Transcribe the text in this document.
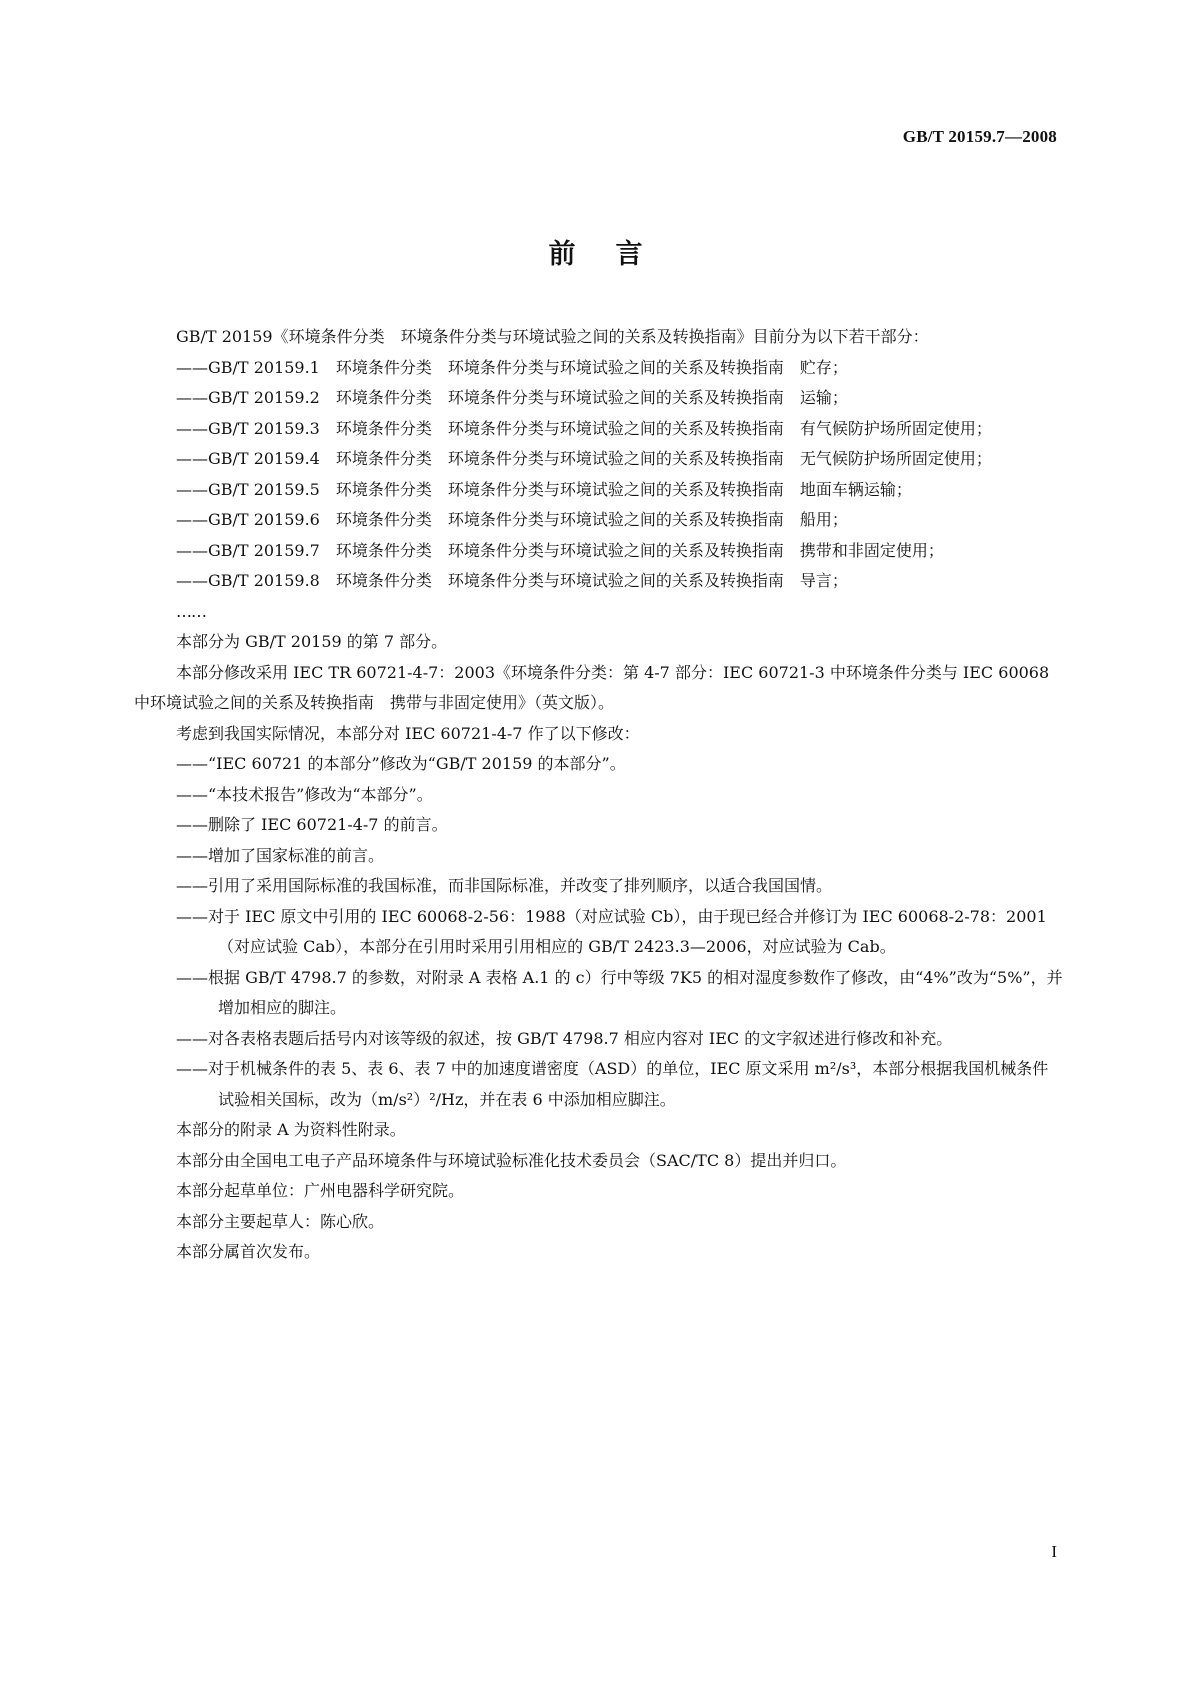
GB/T 20159.7—2008
前言

GB/T 20159《环境条件分类　环境条件分类与环境试验之间的关系及转换指南》目前分为以下若干部分：

——GB/T 20159.1　环境条件分类　环境条件分类与环境试验之间的关系及转换指南　贮存；

——GB/T 20159.2　环境条件分类　环境条件分类与环境试验之间的关系及转换指南　运输；

——GB/T 20159.3　环境条件分类　环境条件分类与环境试验之间的关系及转换指南　有气候防护场所固定使用；

——GB/T 20159.4　环境条件分类　环境条件分类与环境试验之间的关系及转换指南　无气候防护场所固定使用；

——GB/T 20159.5　环境条件分类　环境条件分类与环境试验之间的关系及转换指南　地面车辆运输；

——GB/T 20159.6　环境条件分类　环境条件分类与环境试验之间的关系及转换指南　船用；

——GB/T 20159.7　环境条件分类　环境条件分类与环境试验之间的关系及转换指南　携带和非固定使用；

——GB/T 20159.8　环境条件分类　环境条件分类与环境试验之间的关系及转换指南　导言；

……

本部分为 GB/T 20159 的第 7 部分。

本部分修改采用 IEC TR 60721-4-7：2003《环境条件分类：第 4-7 部分：IEC 60721-3 中环境条件分类与 IEC 60068 中环境试验之间的关系及转换指南　携带与非固定使用》（英文版）。

考虑到我国实际情况，本部分对 IEC 60721-4-7 作了以下修改：

——“IEC 60721 的本部分”修改为“GB/T 20159 的本部分”。

——“本技术报告”修改为“本部分”。

——删除了 IEC 60721-4-7 的前言。

——增加了国家标准的前言。

——引用了采用国际标准的我国标准，而非国际标准，并改变了排列顺序，以适合我国国情。

——对于 IEC 原文中引用的 IEC 60068-2-56：1988（对应试验 Cb），由于现已经合并修订为 IEC 60068-2-78：2001（对应试验 Cab），本部分在引用时采用引用相应的 GB/T 2423.3—2006，对应试验为 Cab。

——根据 GB/T 4798.7 的参数，对附录 A 表格 A.1 的 c）行中等级 7K5 的相对湿度参数作了修改，由“4%”改为“5%”，并增加相应的脚注。

——对各表格表题后括号内对该等级的叙述，按 GB/T 4798.7 相应内容对 IEC 的文字叙述进行修改和补充。

——对于机械条件的表 5、表 6、表 7 中的加速度谱密度（ASD）的单位，IEC 原文采用 m²/s³，本部分根据我国机械条件试验相关国标，改为（m/s²）²/Hz，并在表 6 中添加相应脚注。

本部分的附录 A 为资料性附录。

本部分由全国电工电子产品环境条件与环境试验标准化技术委员会（SAC/TC 8）提出并归口。

本部分起草单位：广州电器科学研究院。

本部分主要起草人：陈心欣。

本部分属首次发布。

I
